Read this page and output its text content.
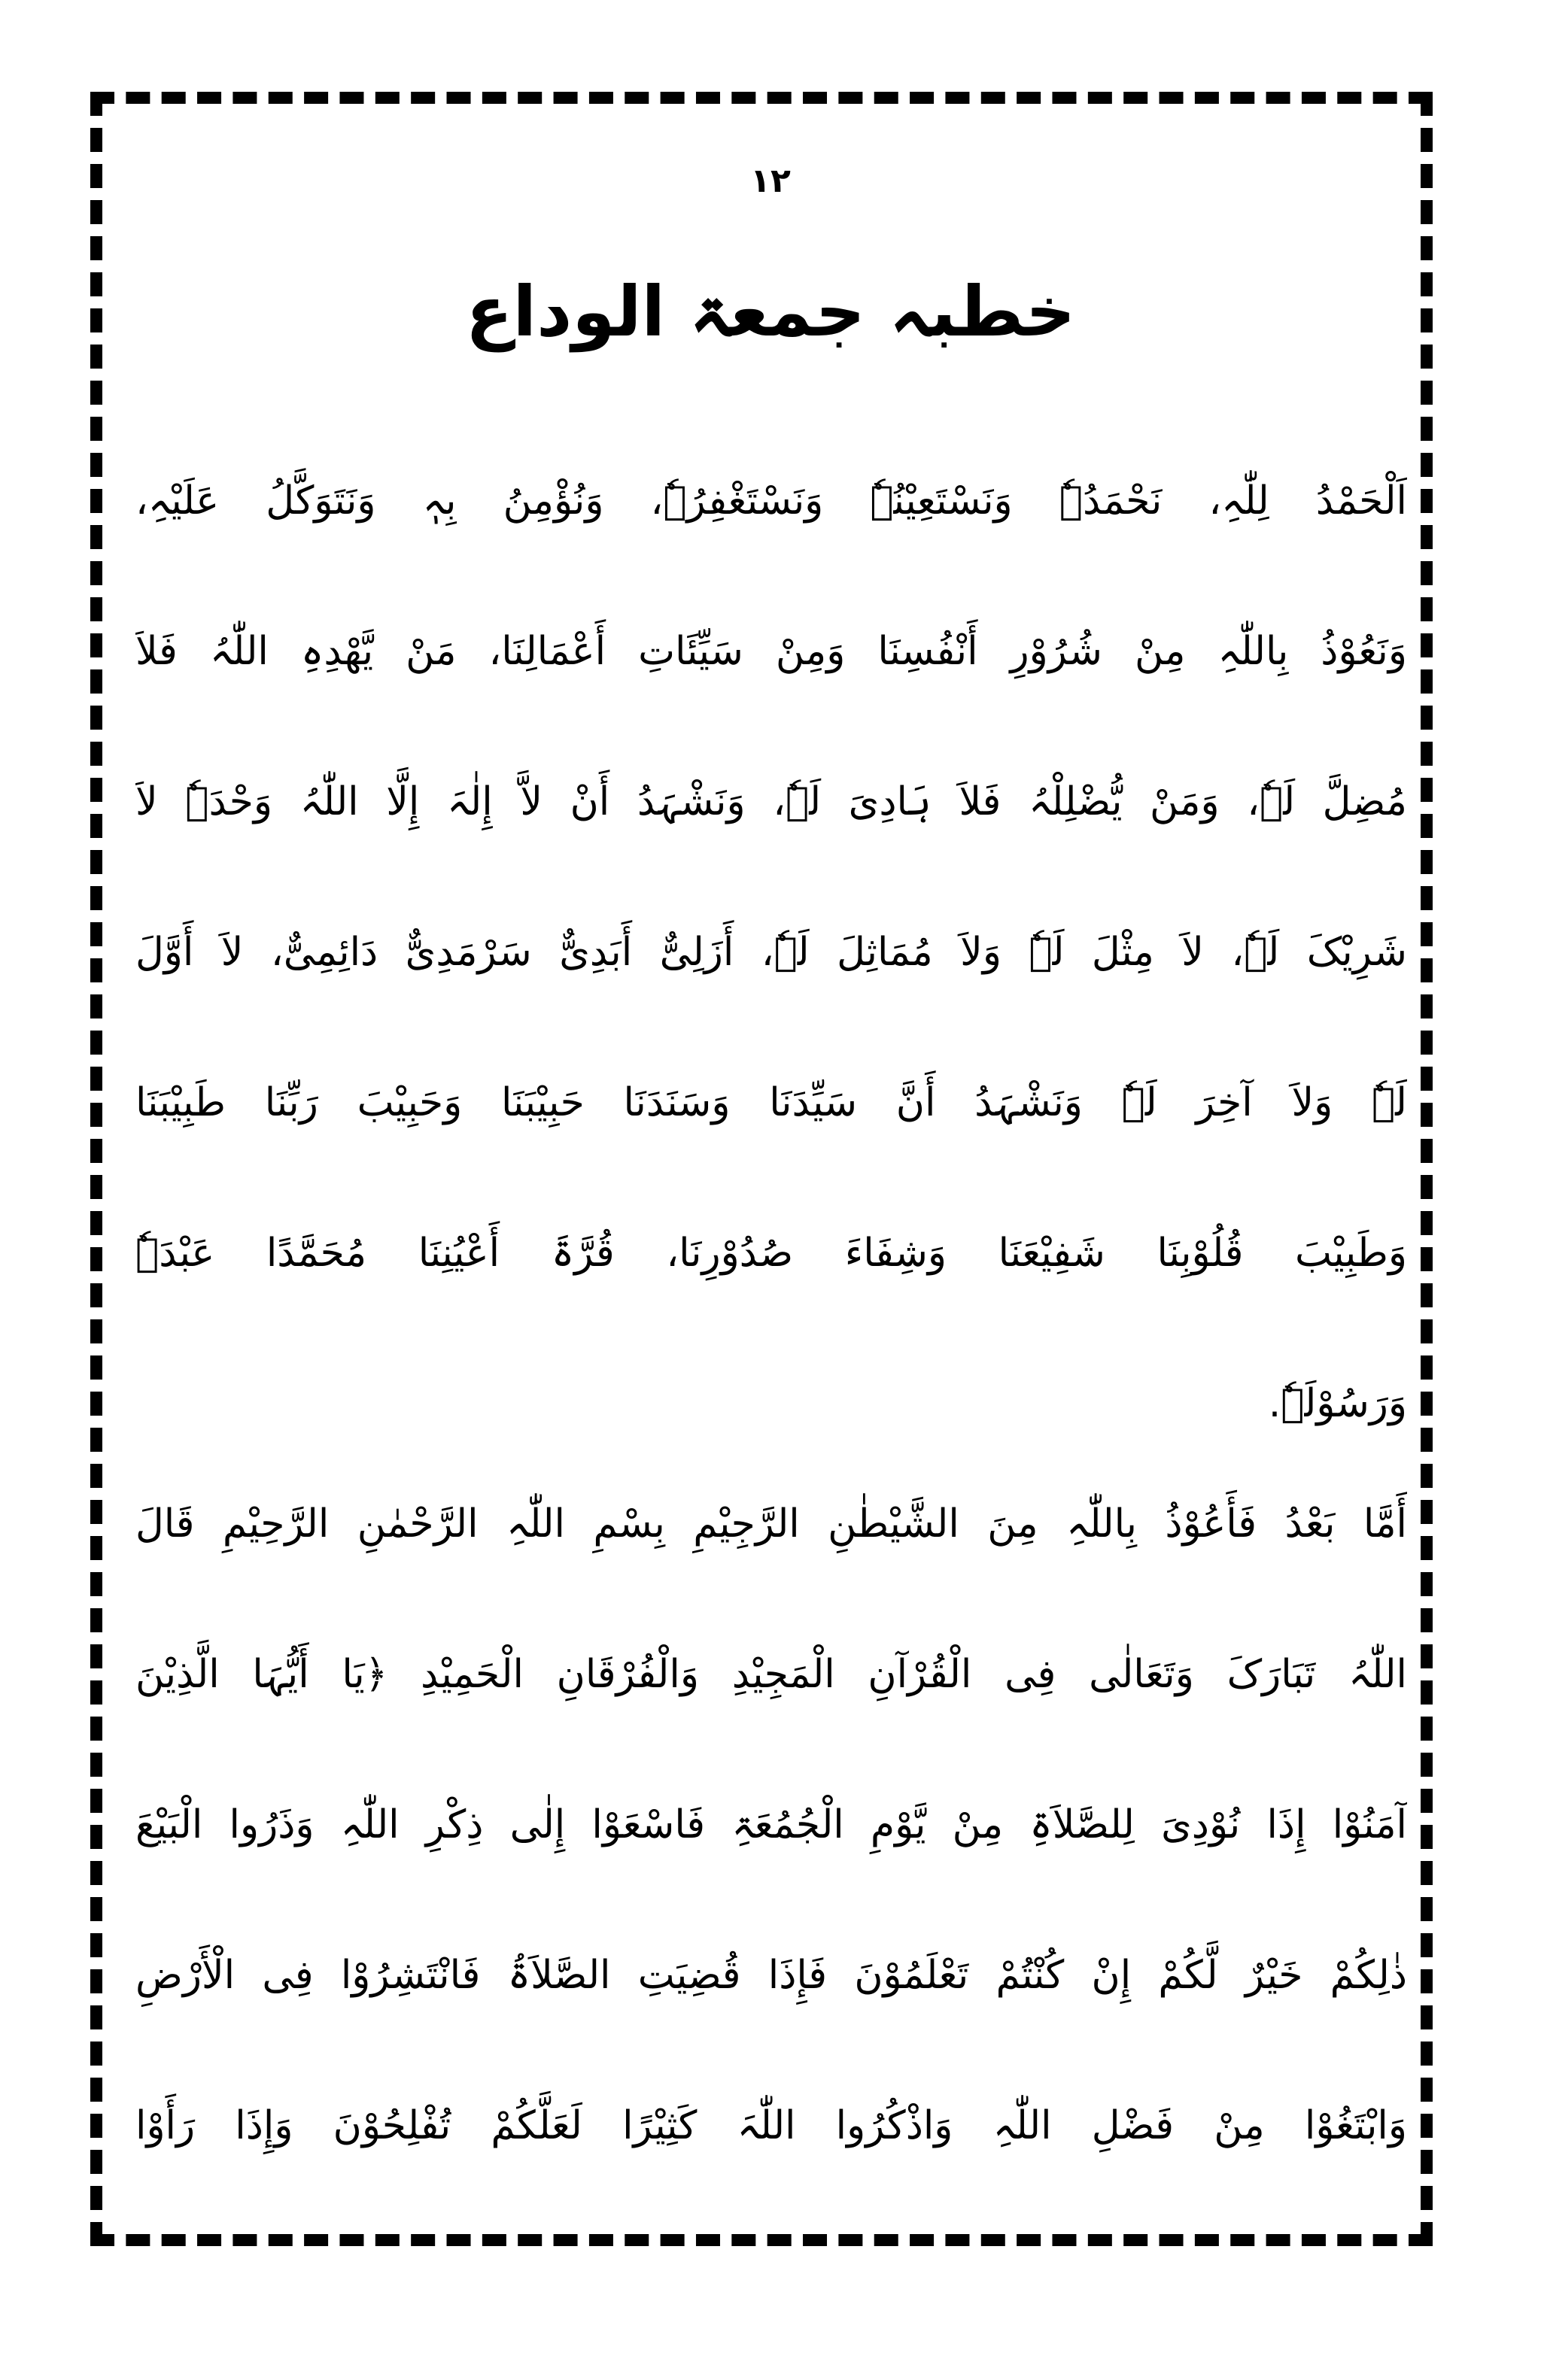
۱۲
خطبہ جمعۃ الوداع
اَلْحَمْدُ لِلّٰہِ، نَحْمَدُہٗ وَنَسْتَعِیْنُہٗ وَنَسْتَغْفِرُہٗ، وَنُؤْمِنُ بِہٖ وَنَتَوَکَّلُ عَلَیْہِ،
وَنَعُوْذُ بِاللّٰہِ مِنْ شُرُوْرِ أَنْفُسِنَا وَمِنْ سَیِّئَاتِ أَعْمَالِنَا، مَنْ یَّهْدِہِ اللّٰہُ فَلاَ
مُضِلَّ لَہٗ، وَمَنْ یُّضْلِلْہُ فَلاَ ہَادِیَ لَہٗ، وَنَشْہَدُ أَنْ لاَّ إِلٰہَ إِلَّا اللّٰہُ وَحْدَہٗ لاَ
شَرِیْکَ لَہٗ، لاَ مِثْلَ لَہٗ وَلاَ مُمَاثِلَ لَہٗ، أَزَلِیٌّ أَبَدِیٌّ سَرْمَدِیٌّ دَائِمِیٌّ، لاَ أَوَّلَ
لَہٗ وَلاَ آخِرَ لَہٗ وَنَشْہَدُ أَنَّ سَیِّدَنَا وَسَنَدَنَا حَبِیْبَنَا وَحَبِیْبَ رَبِّنَا طَبِیْبَنَا
وَطَبِیْبَ قُلُوْبِنَا شَفِیْعَنَا وَشِفَاءَ صُدُوْرِنَا، قُرَّۃَ أَعْیُنِنَا مُحَمَّدًا عَبْدَہٗ
وَرَسُوْلَہٗ.
أَمَّا بَعْدُ فَأَعُوْذُ بِاللّٰہِ مِنَ الشَّیْطٰنِ الرَّجِیْمِ بِسْمِ اللّٰہِ الرَّحْمٰنِ الرَّحِیْمِ قَالَ
اللّٰہُ تَبَارَکَ وَتَعَالٰی فِی الْقُرْآنِ الْمَجِیْدِ وَالْفُرْقَانِ الْحَمِیْدِ ﴿یَا أَیُّہَا الَّذِیْنَ
آمَنُوْا إِذَا نُوْدِیَ لِلصَّلاَۃِ مِنْ یَّوْمِ الْجُمُعَۃِ فَاسْعَوْا إِلٰی ذِکْرِ اللّٰہِ وَذَرُوا الْبَیْعَ
ذٰلِکُمْ خَیْرٌ لَّکُمْ إِنْ کُنْتُمْ تَعْلَمُوْنَ فَإِذَا قُضِیَتِ الصَّلاَۃُ فَانْتَشِرُوْا فِی الْأَرْضِ
وَابْتَغُوْا مِنْ فَضْلِ اللّٰہِ وَاذْکُرُوا اللّٰہَ کَثِیْرًا لَعَلَّکُمْ تُفْلِحُوْنَ وَإِذَا رَأَوْا
